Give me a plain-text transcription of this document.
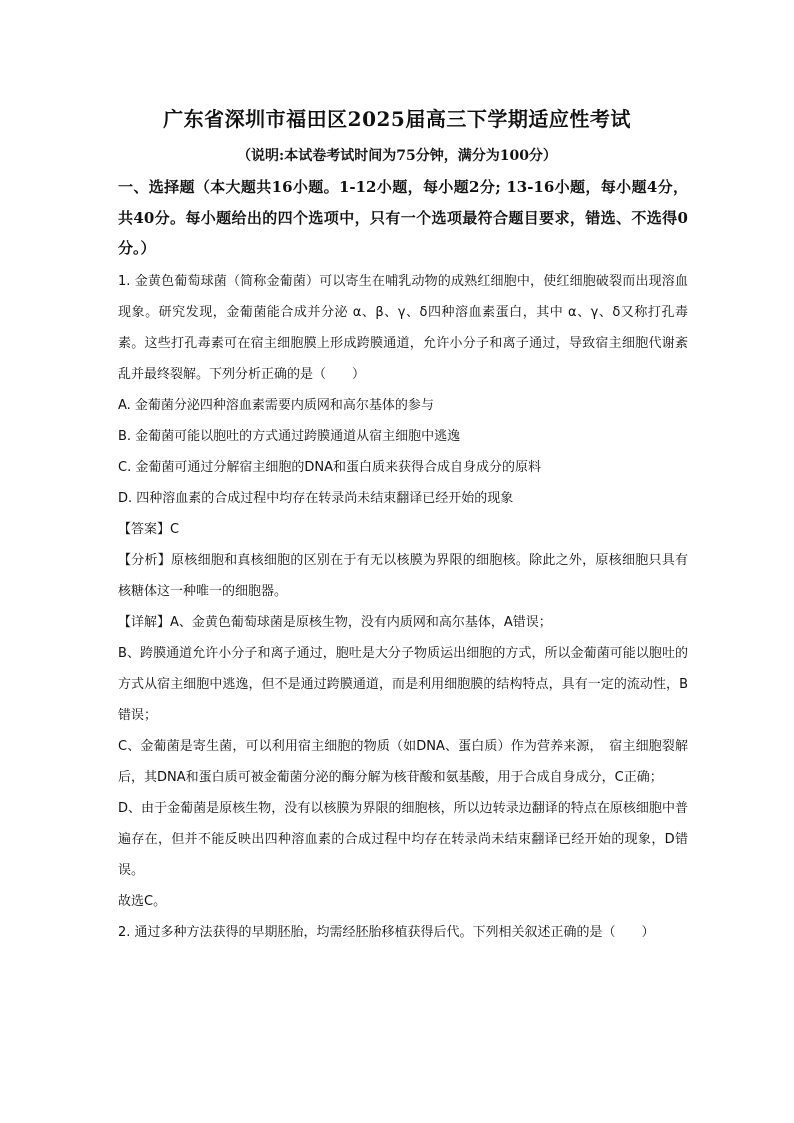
广东省深圳市福田区2025届高三下学期适应性考试
（说明:本试卷考试时间为75分钟，满分为100分）

一、选择题（本大题共16小题。1-12小题，每小题2分; 13-16小题，每小题4分，共40分。每小题给出的四个选项中，只有一个选项最符合题目要求，错选、不选得0分。）

1. 金黄色葡萄球菌（简称金葡菌）可以寄生在哺乳动物的成熟红细胞中，使红细胞破裂而出现溶血现象。研究发现，金葡菌能合成并分泌 α、β、γ、δ四种溶血素蛋白，其中 α、γ、δ又称打孔毒素。这些打孔毒素可在宿主细胞膜上形成跨膜通道，允许小分子和离子通过，导致宿主细胞代谢紊乱并最终裂解。下列分析正确的是（　　）

A. 金葡菌分泌四种溶血素需要内质网和高尔基体的参与

B. 金葡菌可能以胞吐的方式通过跨膜通道从宿主细胞中逃逸

C. 金葡菌可通过分解宿主细胞的DNA和蛋白质来获得合成自身成分的原料

D. 四种溶血素的合成过程中均存在转录尚未结束翻译已经开始的现象

【答案】C

【分析】原核细胞和真核细胞的区别在于有无以核膜为界限的细胞核。除此之外，原核细胞只具有核糖体这一种唯一的细胞器。

【详解】A、金黄色葡萄球菌是原核生物，没有内质网和高尔基体，A错误；

B、跨膜通道允许小分子和离子通过，胞吐是大分子物质运出细胞的方式，所以金葡菌可能以胞吐的方式从宿主细胞中逃逸，但不是通过跨膜通道，而是利用细胞膜的结构特点，具有一定的流动性，B错误；

C、金葡菌是寄生菌，可以利用宿主细胞的物质（如DNA、蛋白质）作为营养来源，　宿主细胞裂解后，其DNA和蛋白质可被金葡菌分泌的酶分解为核苷酸和氨基酸，用于合成自身成分，C正确；

D、由于金葡菌是原核生物，没有以核膜为界限的细胞核，所以边转录边翻译的特点在原核细胞中普遍存在，但并不能反映出四种溶血素的合成过程中均存在转录尚未结束翻译已经开始的现象，D错误。

故选C。

2. 通过多种方法获得的早期胚胎，均需经胚胎移植获得后代。下列相关叙述正确的是（　　）
